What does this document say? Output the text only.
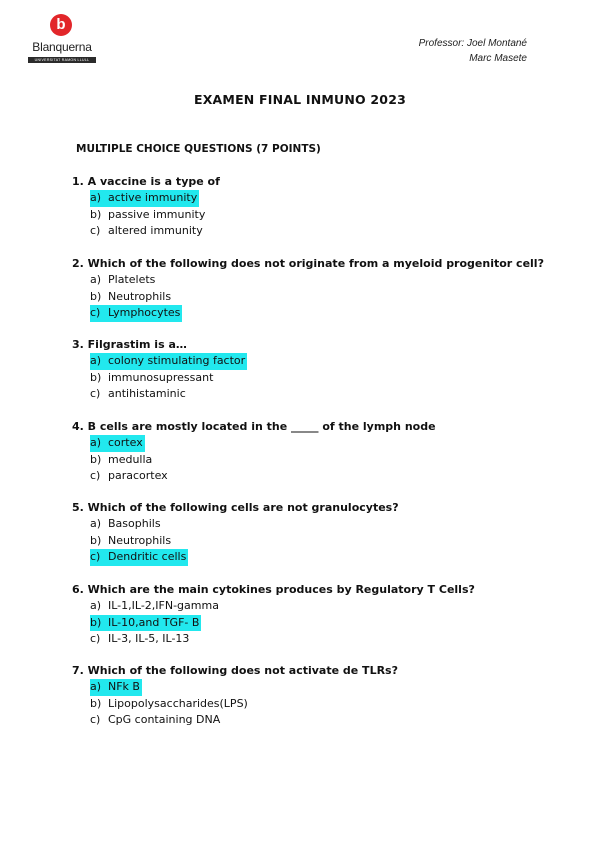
b
Blanquerna
UNIVERSITAT RAMON LLULL
Professor: Joel Montané
Marc Masete
EXAMEN FINAL INMUNO 2023
MULTIPLE CHOICE QUESTIONS (7 POINTS)
1. A vaccine is a type of
a) active immunity
b) passive immunity
c) altered immunity
2. Which of the following does not originate from a myeloid progenitor cell?
a) Platelets
b) Neutrophils
c) Lymphocytes
3. Filgrastim is a…
a) colony stimulating factor
b) immunosupressant
c) antihistaminic
4. B cells are mostly located in the _____ of the lymph node
a) cortex
b) medulla
c) paracortex
5. Which of the following cells are not granulocytes?
a) Basophils
b) Neutrophils
c) Dendritic cells
6. Which are the main cytokines produces by Regulatory T Cells?
a) IL-1,IL-2,IFN-gamma
b) IL-10,and TGF- B
c) IL-3, IL-5, IL-13
7. Which of the following does not activate de TLRs?
a) NFk B
b) Lipopolysaccharides(LPS)
c) CpG containing DNA
